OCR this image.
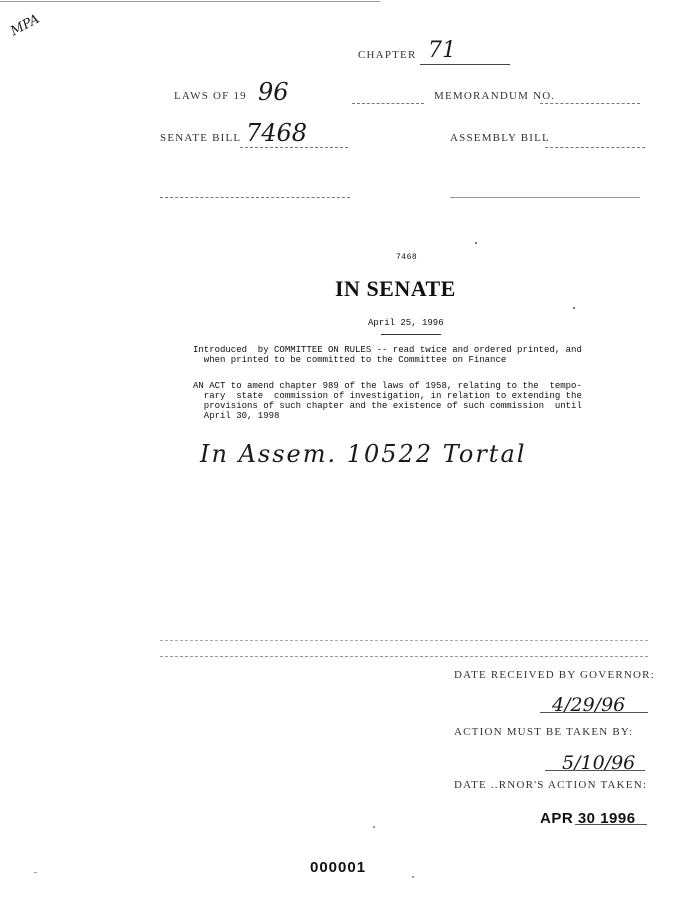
MPA
CHAPTER 71
LAWS OF 19 96	MEMORANDUM NO.
SENATE BILL 7468	ASSEMBLY BILL
7468
IN SENATE
April 25, 1996
Introduced  by COMMITTEE ON RULES -- read twice and ordered printed, and
when printed to be committed to the Committee on Finance
AN ACT to amend chapter 989 of the laws of 1958, relating to the  tempo-
rary  state  commission of investigation, in relation to extending the
provisions of such chapter and the existence of such commission  until
April 30, 1998
In Assem. 10522 Tortal
DATE RECEIVED BY GOVERNOR:
4/29/96
ACTION MUST BE TAKEN BY:
5/10/96
DATE ..RNOR'S ACTION TAKEN:
APR 30 1996
000001
